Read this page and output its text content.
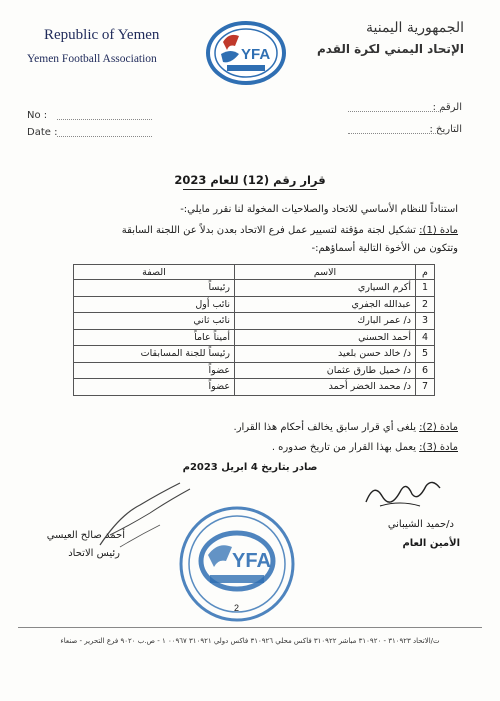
Republic of Yemen
Yemen Football Association
الجمهورية اليمنية
الإتحاد اليمني لكرة القدم
YFA
No :
Date :
الرقم :
التاريخ :
قرار رقم (12) للعام 2023
استناداً للنظام الأساسي للاتحاد والصلاحيات المخولة لنا نقرر مايلي:-
مادة (1): تشكيل لجنة مؤقتة لتسيير عمل فرع الاتحاد بعدن بدلاً عن اللجنة السابقة
وتتكون من الأخوة التالية أسماؤهم:-
م	الاسم	الصفة
1	أكرم السياري	رئيساً
2	عبدالله الجفري	نائب أول
3	د/ عمر البارك	نائب ثاني
4	أحمد الحسني	أميناً عاماً
5	د/ خالد حسن بلعيد	رئيساً للجنة المسابقات
6	د/ خميل طارق عثمان	عضواً
7	د/ محمد الخضر أحمد	عضواً
مادة (2): يلغى أي قرار سابق يخالف أحكام هذا القرار.
مادة (3): يعمل بهذا القرار من تاريخ صدوره .
صادر بتاريخ 4 ابريل 2023م
د/حميد الشيباني
الأمين العام
أحمد صالح العيسي
رئيس الاتحاد	YFA
2
ت/الاتحاد ٣١٠٩٢٣ - ٣١٠٩٢٠ مباشر ٣١٠٩٢٢ فاكس محلي ٣١٠٩٢٦ فاكس دولي ٣١٠٩٢١ ٠٠٩٦٧ ١ - ص.ب ٩٠٢٠ فرع التحرير - صنعاء
